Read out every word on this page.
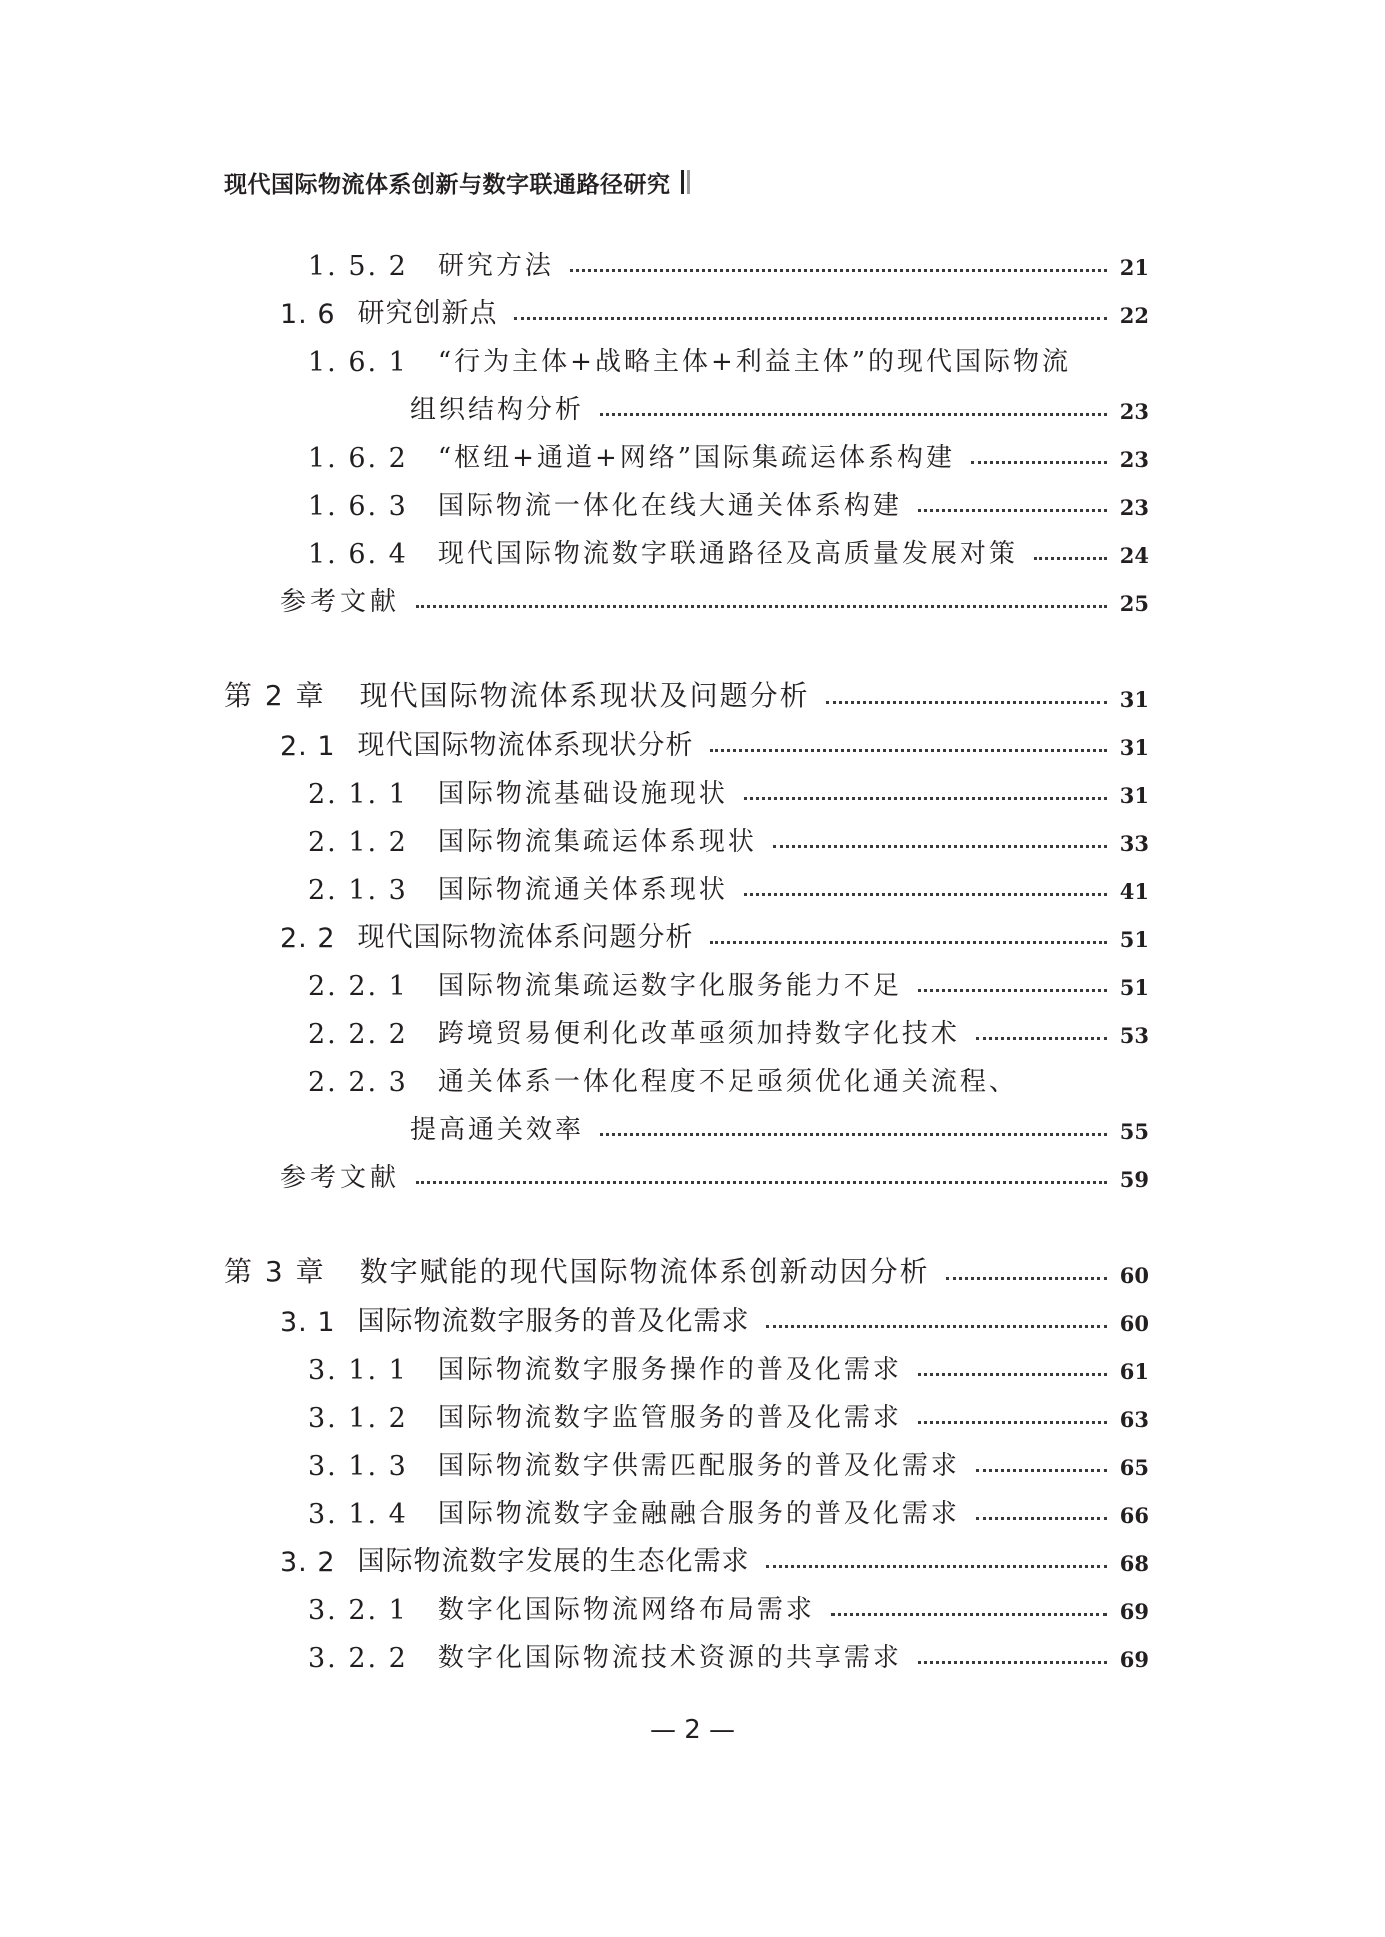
现代国际物流体系创新与数字联通路径研究
1. 5. 2 研究方法	21
1. 6 研究创新点	22
1. 6. 1 “行为主体+战略主体+利益主体”的现代国际物流
组织结构分析	23
1. 6. 2 “枢纽+通道+网络”国际集疏运体系构建	23
1. 6. 3 国际物流一体化在线大通关体系构建	23
1. 6. 4 现代国际物流数字联通路径及高质量发展对策	24
参考文献	25
第 2 章 现代国际物流体系现状及问题分析	31
2. 1 现代国际物流体系现状分析	31
2. 1. 1 国际物流基础设施现状	31
2. 1. 2 国际物流集疏运体系现状	33
2. 1. 3 国际物流通关体系现状	41
2. 2 现代国际物流体系问题分析	51
2. 2. 1 国际物流集疏运数字化服务能力不足	51
2. 2. 2 跨境贸易便利化改革亟须加持数字化技术	53
2. 2. 3 通关体系一体化程度不足亟须优化通关流程、
提高通关效率	55
参考文献	59
第 3 章 数字赋能的现代国际物流体系创新动因分析	60
3. 1 国际物流数字服务的普及化需求	60
3. 1. 1 国际物流数字服务操作的普及化需求	61
3. 1. 2 国际物流数字监管服务的普及化需求	63
3. 1. 3 国际物流数字供需匹配服务的普及化需求	65
3. 1. 4 国际物流数字金融融合服务的普及化需求	66
3. 2 国际物流数字发展的生态化需求	68
3. 2. 1 数字化国际物流网络布局需求	69
3. 2. 2 数字化国际物流技术资源的共享需求	69
— 2 —
